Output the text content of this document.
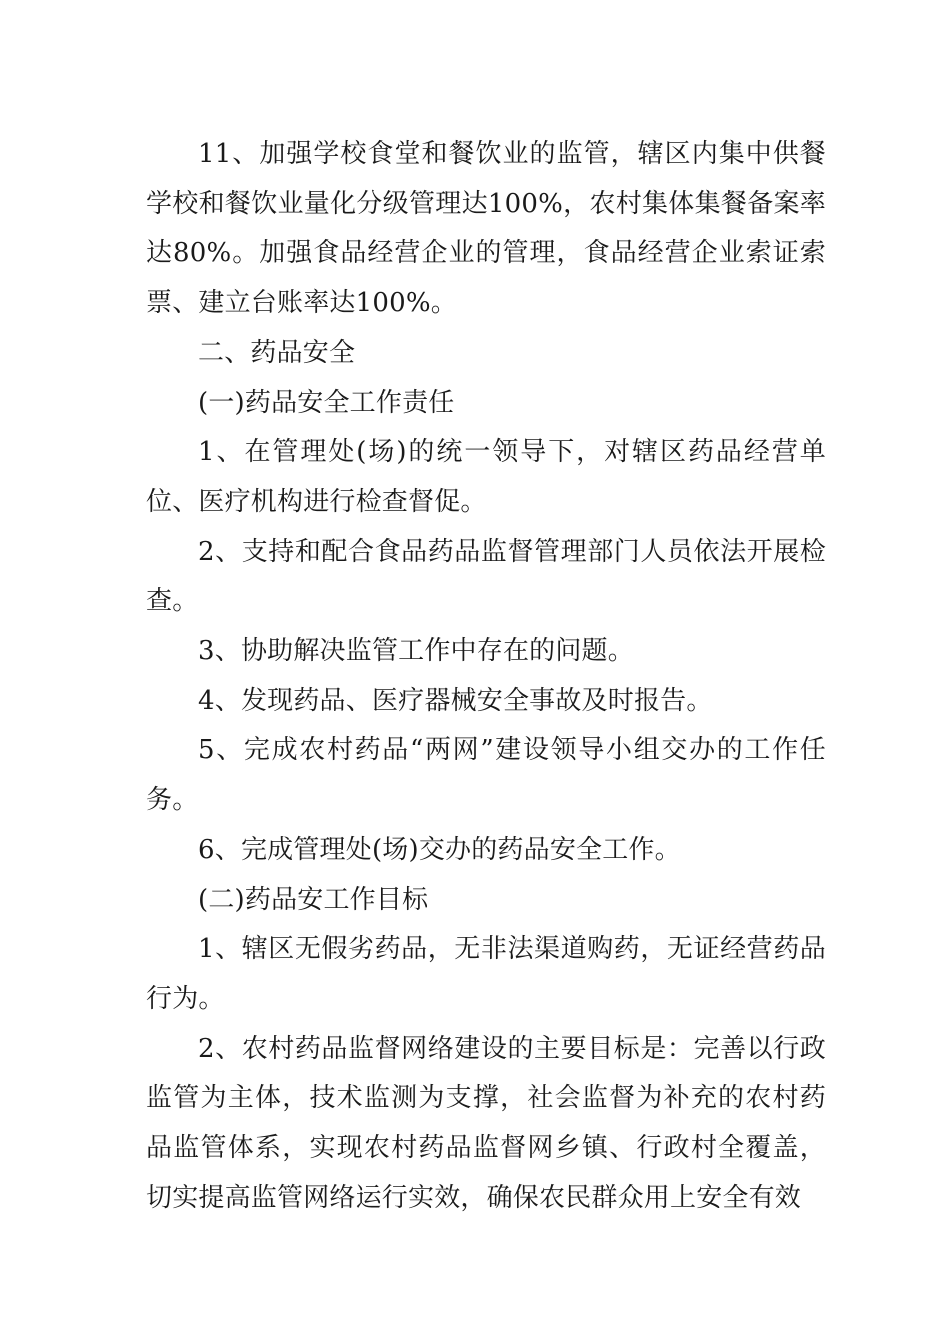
11、加强学校食堂和餐饮业的监管，辖区内集中供餐学校和餐饮业量化分级管理达100%，农村集体集餐备案率达80%。加强食品经营企业的管理，食品经营企业索证索票、建立台账率达100%。

二、药品安全

(一)药品安全工作责任

1、在管理处(场)的统一领导下，对辖区药品经营单位、医疗机构进行检查督促。

2、支持和配合食品药品监督管理部门人员依法开展检查。

3、协助解决监管工作中存在的问题。

4、发现药品、医疗器械安全事故及时报告。

5、完成农村药品“两网”建设领导小组交办的工作任务。

6、完成管理处(场)交办的药品安全工作。

(二)药品安工作目标

1、辖区无假劣药品，无非法渠道购药，无证经营药品行为。

2、农村药品监督网络建设的主要目标是：完善以行政监管为主体，技术监测为支撑，社会监督为补充的农村药品监管体系，实现农村药品监督网乡镇、行政村全覆盖，切实提高监管网络运行实效，确保农民群众用上安全有效
